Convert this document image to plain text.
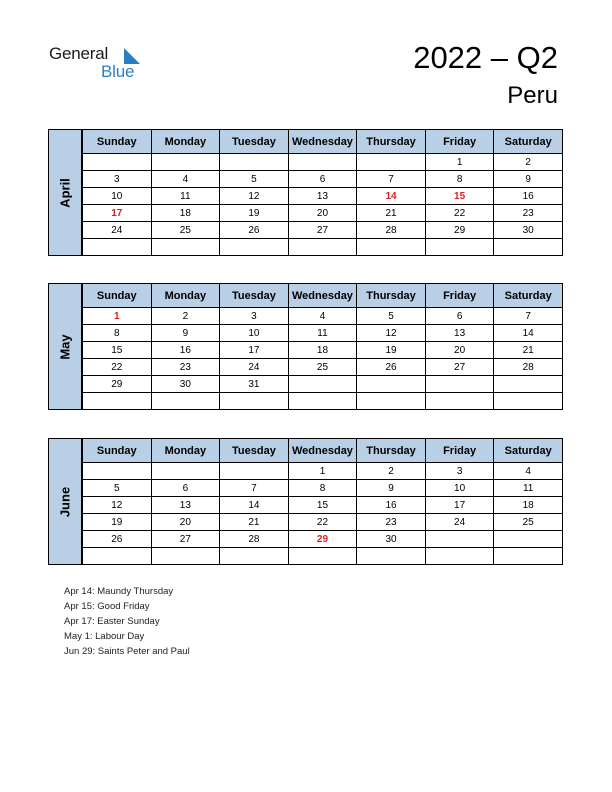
General
Blue	2022 – Q2
Peru
April
Sunday	Monday	Tuesday	Wednesday	Thursday	Friday	Saturday
					1	2
3	4	5	6	7	8	9
10	11	12	13	14	15	16
17	18	19	20	21	22	23
24	25	26	27	28	29	30

May
Sunday	Monday	Tuesday	Wednesday	Thursday	Friday	Saturday
1	2	3	4	5	6	7
8	9	10	11	12	13	14
15	16	17	18	19	20	21
22	23	24	25	26	27	28
29	30	31				

June
Sunday	Monday	Tuesday	Wednesday	Thursday	Friday	Saturday
			1	2	3	4
5	6	7	8	9	10	11
12	13	14	15	16	17	18
19	20	21	22	23	24	25
26	27	28	29	30		

Apr 14: Maundy Thursday
Apr 15: Good Friday
Apr 17: Easter Sunday
May 1: Labour Day
Jun 29: Saints Peter and Paul
